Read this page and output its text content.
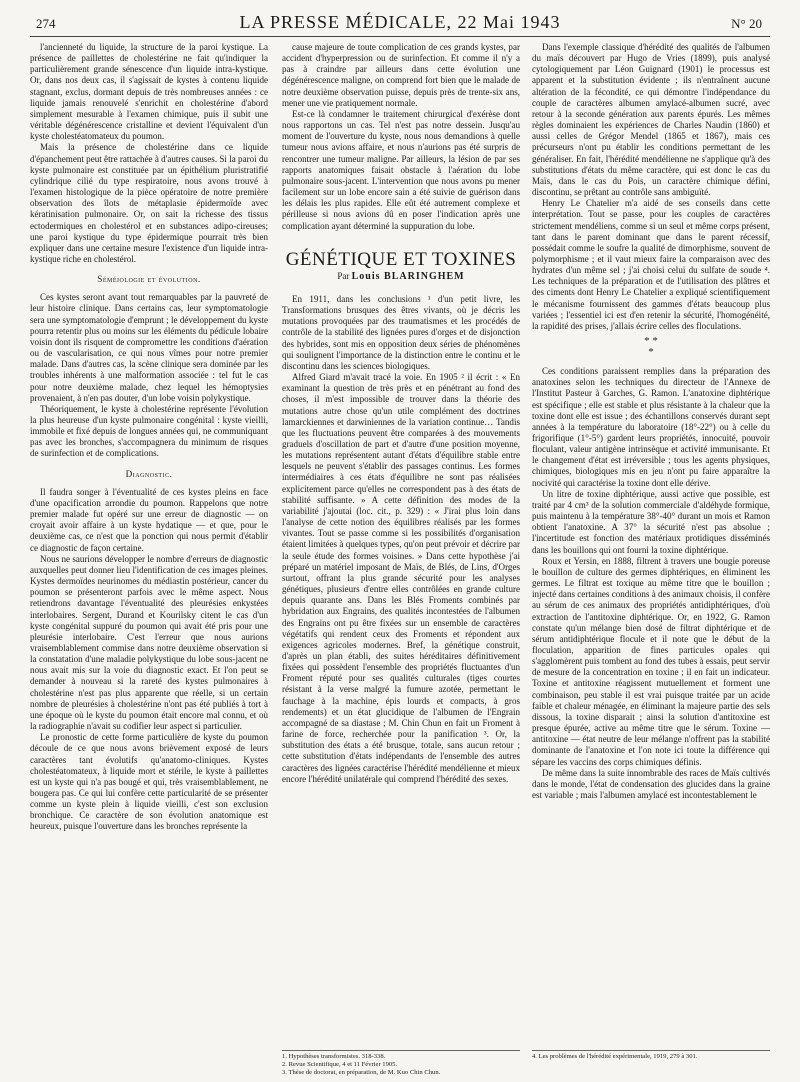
274	LA PRESSE MÉDICALE, 22 Mai 1943	N° 20

l'ancienneté du liquide, la structure de la paroi kystique. La présence de paillettes de cholestérine ne fait qu'indiquer la particulièrement grande sénescence d'un liquide intra-kystique. Or, dans nos deux cas, il s'agissait de kystes à contenu liquide stagnant, exclus, dormant depuis de très nombreuses années : ce liquide jamais renouvelé s'enrichit en cholestérine d'abord simplement mesurable à l'examen chimique, puis il subit une véritable dégénérescence cristalline et devient l'équivalent d'un kyste cholestéatomateux du poumon.

Mais la présence de cholestérine dans ce liquide d'épanchement peut être rattachée à d'autres causes. Si la paroi du kyste pulmonaire est constituée par un épithélium pluristratifié cylindrique cilié du type respiratoire, nous avons trouvé à l'examen histologique de la pièce opératoire de notre première observation des îlots de métaplasie épidermoïde avec kératinisation pulmonaire. Or, on sait la richesse des tissus ectodermiques en cholestérol et en substances adipo-cireuses; une paroi kystique du type épidermique pourrait très bien expliquer dans une certaine mesure l'existence d'un liquide intra-kystique riche en cholestérol.

Séméiologie et évolution.

Ces kystes seront avant tout remarquables par la pauvreté de leur histoire clinique. Dans certains cas, leur symptomatologie sera une symptomatologie d'emprunt ; le développement du kyste pourra retentir plus ou moins sur les éléments du pédicule lobaire voisin dont ils risquent de compromettre les conditions d'aération ou de vascularisation, ce qui nous vîmes pour notre premier malade. Dans d'autres cas, la scène clinique sera dominée par les troubles inhérents à une malformation associée : tel fut le cas pour notre deuxième malade, chez lequel les hémoptysies provenaient, à n'en pas douter, d'un lobe voisin polykystique.

Théoriquement, le kyste à cholestérine représente l'évolution la plus heureuse d'un kyste pulmonaire congénital : kyste vieilli, immobile et fixé depuis de longues années qui, ne communiquant pas avec les bronches, s'accompagnera du minimum de risques de surinfection et de complications.

Diagnostic.

Il faudra songer à l'éventualité de ces kystes pleins en face d'une opacification arrondie du poumon. Rappelons que notre premier malade fut opéré sur une erreur de diagnostic — on croyait avoir affaire à un kyste hydatique — et que, pour le deuxième cas, ce n'est que la ponction qui nous permit d'établir ce diagnostic de façon certaine.

Nous ne saurions développer le nombre d'erreurs de diagnostic auxquelles peut donner lieu l'identification de ces images pleines. Kystes dermoïdes neurinomes du médiastin postérieur, cancer du poumon se présenteront parfois avec le même aspect. Nous retiendrons davantage l'éventualité des pleurésies enkystées interlobaires. Sergent, Durand et Kourilsky citent le cas d'un kyste congénital suppuré du poumon qui avait été pris pour une pleurésie interlobaire. C'est l'erreur que nous aurions vraisemblablement commise dans notre deuxième observation si la constatation d'une maladie polykystique du lobe sous-jacent ne nous avait mis sur la voie du diagnostic exact. Et l'on peut se demander à nouveau si la rareté des kystes pulmonaires à cholestérine n'est pas plus apparente que réelle, si un certain nombre de pleurésies à cholestérine n'ont pas été publiés à tort à une époque où le kyste du poumon était encore mal connu, et où la radiographie n'avait su codifier leur aspect si particulier.

Le pronostic de cette forme particulière de kyste du poumon découle de ce que nous avons brièvement exposé de leurs caractères tant évolutifs qu'anatomo-cliniques. Kystes cholestéatomateux, à liquide mort et stérile, le kyste à paillettes est un kyste qui n'a pas bougé et qui, très vraisemblablement, ne bougera pas. Ce qui lui confère cette particularité de se présenter comme un kyste plein à liquide vieilli, c'est son exclusion bronchique. Ce caractère de son évolution anatomique est heureux, puisque l'ouverture dans les bronches représente la

cause majeure de toute complication de ces grands kystes, par accident d'hyperpression ou de surinfection. Et comme il n'y a pas à craindre par ailleurs dans cette évolution une dégénérescence maligne, on comprend fort bien que le malade de notre deuxième observation puisse, depuis près de trente-six ans, mener une vie pratiquement normale.

Est-ce là condamner le traitement chirurgical d'exérèse dont nous rapportons un cas. Tel n'est pas notre dessein. Jusqu'au moment de l'ouverture du kyste, nous nous demandions à quelle tumeur nous avions affaire, et nous n'aurions pas été surpris de rencontrer une tumeur maligne. Par ailleurs, la lésion de par ses rapports anatomiques faisait obstacle à l'aération du lobe pulmonaire sous-jacent. L'intervention que nous avons pu mener facilement sur un lobe encore sain a été suivie de guérison dans les délais les plus rapides. Elle eût été autrement complexe et périlleuse si nous avions dû en poser l'indication après une complication ayant déterminé la suppuration du lobe.

GÉNÉTIQUE ET TOXINES
Par Louis BLARINGHEM

En 1911, dans les conclusions ¹ d'un petit livre, les Transformations brusques des êtres vivants, où je décris les mutations provoquées par des traumatismes et les procédés de contrôle de la stabilité des lignées pures d'orges et de disjonction des hybrides, sont mis en opposition deux séries de phénomènes qui soulignent l'importance de la distinction entre le continu et le discontinu dans les sciences biologiques.

Alfred Giard m'avait tracé la voie. En 1905 ² il écrit : « En examinant la question de très près et en pénétrant au fond des choses, il m'est impossible de trouver dans la théorie des mutations autre chose qu'un utile complément des doctrines lamarckiennes et darwiniennes de la variation continue… Tandis que les fluctuations peuvent être comparées à des mouvements graduels d'oscillation de part et d'autre d'une position moyenne, les mutations représentent autant d'états d'équilibre stable entre lesquels ne peuvent s'établir des passages continus. Les formes intermédiaires à ces états d'équilibre ne sont pas réalisées explicitement parce qu'elles ne correspondent pas à des états de stabilité suffisante. » A cette définition des modes de la variabilité j'ajoutai (loc. cit., p. 329) : « J'irai plus loin dans l'analyse de cette notion des équilibres réalisés par les formes vivantes. Tout se passe comme si les possibilités d'organisation étaient limitées à quelques types, qu'on peut prévoir et décrire par la seule étude des formes voisines. » Dans cette hypothèse j'ai préparé un matériel imposant de Maïs, de Blés, de Lins, d'Orges surtout, offrant la plus grande sécurité pour les analyses génétiques, plusieurs d'entre elles contrôlées en grande culture depuis quarante ans. Dans les Blés Froments combinés par hybridation aux Engrains, des qualités incontestées de l'albumen des Engrains ont pu être fixées sur un ensemble de caractères végétatifs qui rendent ceux des Froments et répondent aux exigences agricoles modernes. Bref, la génétique construit, d'après un plan établi, des suites héréditaires définitivement fixées qui possèdent l'ensemble des propriétés fluctuantes d'un Froment réputé pour ses qualités culturales (tiges courtes résistant à la verse malgré la fumure azotée, permettant le fauchage à la machine, épis lourds et compacts, à gros rendements) et un état glucidique de l'albumen de l'Engrain accompagné de sa diastase ; M. Chin Chun en fait un Froment à farine de force, recherchée pour la panification ³. Or, la substitution des états a été brusque, totale, sans aucun retour ; cette substitution d'états indépendants de l'ensemble des autres caractères des lignées caractérise l'hérédité mendélienne et mieux encore l'hérédité unilatérale qui comprend l'hérédité des sexes.

Dans l'exemple classique d'hérédité des qualités de l'albumen du maïs découvert par Hugo de Vries (1899), puis analysé cytologiquement par Léon Guignard (1901) le processus est apparent et la substitution évidente ; ils n'entraînent aucune altération de la fécondité, ce qui démontre l'indépendance du couple de caractères albumen amylacé-albumen sucré, avec retour à la seconde génération aux parents épurés. Les mêmes règles dominaient les expériences de Charles Naudin (1860) et aussi celles de Grégor Mendel (1865 et 1867), mais ces précurseurs n'ont pu établir les conditions permettant de les généraliser. En fait, l'hérédité mendélienne ne s'applique qu'à des substitutions d'états du même caractère, qui est donc le cas du Maïs, dans le cas du Pois, un caractère chimique défini, discontinu, se prêtant au contrôle sans ambiguïté.

Henry Le Chatelier m'a aidé de ses conseils dans cette interprétation. Tout se passe, pour les couples de caractères strictement mendéliens, comme si un seul et même corps présent, tant dans le parent dominant que dans le parent récessif, possédait comme le soufre la qualité de dimorphisme, souvent de polymorphisme ; et il vaut mieux faire la comparaison avec des hydrates d'un même sel ; j'ai choisi celui du sulfate de soude ⁴. Les techniques de la préparation et de l'utilisation des plâtres et des ciments dont Henry Le Chatelier a expliqué scientifiquement le mécanisme fournissent des gammes d'états beaucoup plus variées ; l'essentiel ici est d'en retenir la sécurité, l'homogénéité, la rapidité des prises, j'allais écrire celles des floculations.

* *
*

Ces conditions paraissent remplies dans la préparation des anatoxines selon les techniques du directeur de l'Annexe de l'Institut Pasteur à Garches, G. Ramon. L'anatoxine diphtérique est spécifique ; elle est stable et plus résistante à la chaleur que la toxine dont elle est issue ; des échantillons conservés durant sept années à la température du laboratoire (18°-22°) ou à celle du frigorifique (1°-5°) gardent leurs propriétés, innocuité, pouvoir floculant, valeur antigène intrinsèque et activité immunisante. Et le changement d'état est irréversible ; tous les agents physiques, chimiques, biologiques mis en jeu n'ont pu faire apparaître la nocivité qui caractérise la toxine dont elle dérive.

Un litre de toxine diphtérique, aussi active que possible, est traité par 4 cm³ de la solution commerciale d'aldéhyde formique, puis maintenu à la température 38°-40° durant un mois et Ramon obtient l'anatoxine. A 37° la sécurité n'est pas absolue ; l'incertitude est fonction des matériaux protidiques disséminés dans les bouillons qui ont fourni la toxine diphtérique.

Roux et Yersin, en 1888, filtrent à travers une bougie poreuse le bouillon de culture des germes diphtériques, en éliminent les germes. Le filtrat est toxique au même titre que le bouillon ; injecté dans certaines conditions à des animaux choisis, il confère au sérum de ces animaux des propriétés antidiphtériques, d'où extraction de l'antitoxine diphtérique. Or, en 1922, G. Ramon constate qu'un mélange bien dosé de filtrat diphtérique et de sérum antidiphtérique flocule et il note que le début de la floculation, apparition de fines particules opales qui s'agglomèrent puis tombent au fond des tubes à essais, peut servir de mesure de la concentration en toxine ; il en fait un indicateur. Toxine et antitoxine réagissent mutuellement et forment une combinaison, peu stable il est vrai puisque traitée par un acide faible et chaleur ménagée, en éliminant la majeure partie des sels dissous, la toxine disparait ; ainsi la solution d'antitoxine est presque épurée, active au même titre que le sérum. Toxine — antitoxine — état neutre de leur mélange n'offrent pas la stabilité dominante de l'anatoxine et l'on note ici toute la différence qui sépare les vaccins des corps chimiques définis.

De même dans la suite innombrable des races de Maïs cultivés dans le monde, l'état de condensation des glucides dans la graine est variable ; mais l'albumen amylacé est incontestablement le

1. Hypothèses transformistes. 318-338.
2. Revue Scientifique, 4 et 11 Février 1905.
3. Thèse de doctorat, en préparation, de M. Kuo Chin Chun.
4. Les problèmes de l'hérédité expérimentale, 1919, 279 à 301.
